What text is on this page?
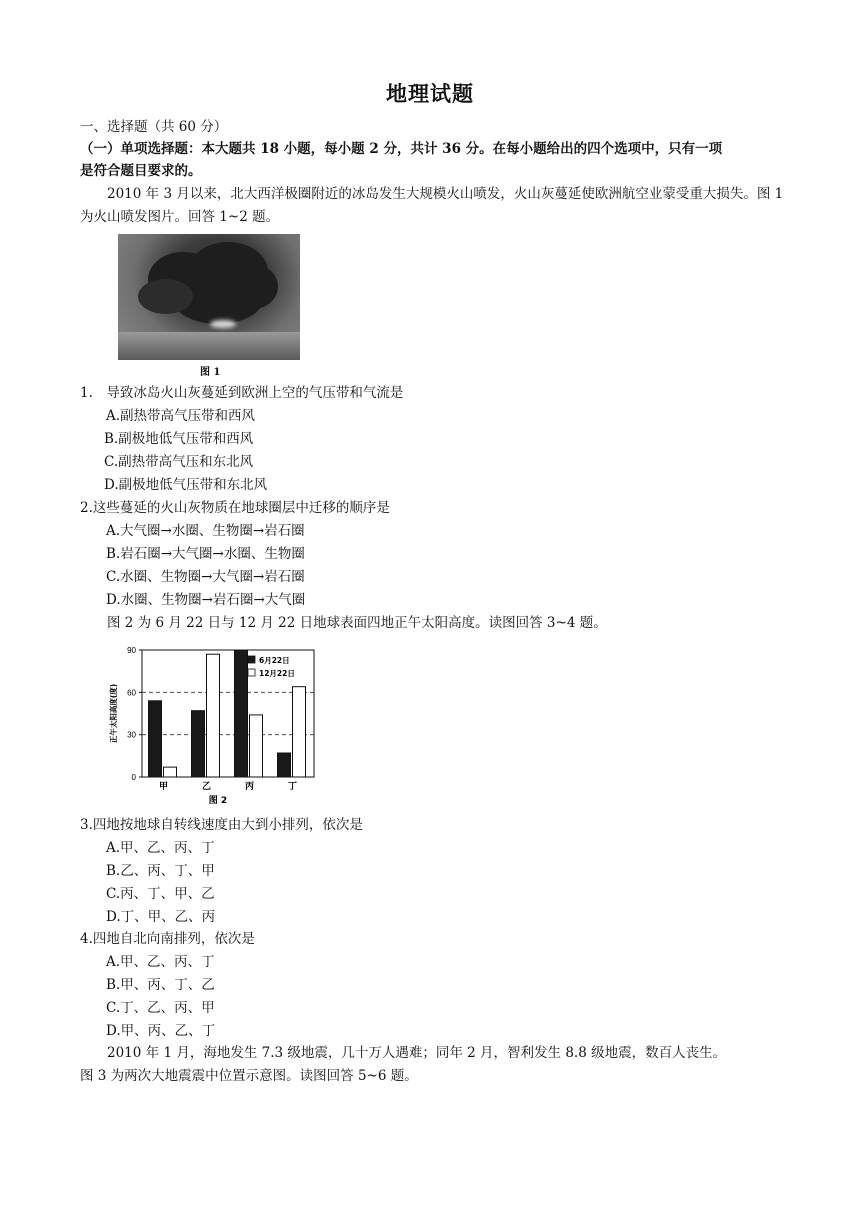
地理试题
一、选择题（共 60 分）
（一）单项选择题：本大题共 18 小题，每小题 2 分，共计 36 分。在每小题给出的四个选项中，只有一项
是符合题目要求的。
2010 年 3 月以来，北大西洋极圈附近的冰岛发生大规模火山喷发，火山灰蔓延使欧洲航空业蒙受重大损失。图 1 为火山喷发图片。回答 1~2 题。
图 1
1.　导致冰岛火山灰蔓延到欧洲上空的气压带和气流是
A.副热带高气压带和西风
B.副极地低气压带和西风
C.副热带高气压和东北风
D.副极地低气压带和东北风
2.这些蔓延的火山灰物质在地球圈层中迁移的顺序是
A.大气圈→水圈、生物圈→岩石圈
B.岩石圈→大气圈→水圈、生物圈
C.水圈、生物圈→大气圈→岩石圈
D.水圈、生物圈→岩石圈→大气圈
图 2 为 6 月 22 日与 12 月 22 日地球表面四地正午太阳高度。读图回答 3~4 题。
0
30
60
90
正午太阳高度(度)
甲	乙	丙	丁
6月22日
12月22日
图 2
3.四地按地球自转线速度由大到小排列，依次是
A.甲、乙、丙、丁
B.乙、丙、丁、甲
C.丙、丁、甲、乙
D.丁、甲、乙、丙
4.四地自北向南排列，依次是
A.甲、乙、丙、丁
B.甲、丙、丁、乙
C.丁、乙、丙、甲
D.甲、丙、乙、丁
2010 年 1 月，海地发生 7.3 级地震，几十万人遇难；同年 2 月，智利发生 8.8 级地震，数百人丧生。
图 3 为两次大地震震中位置示意图。读图回答 5~6 题。
